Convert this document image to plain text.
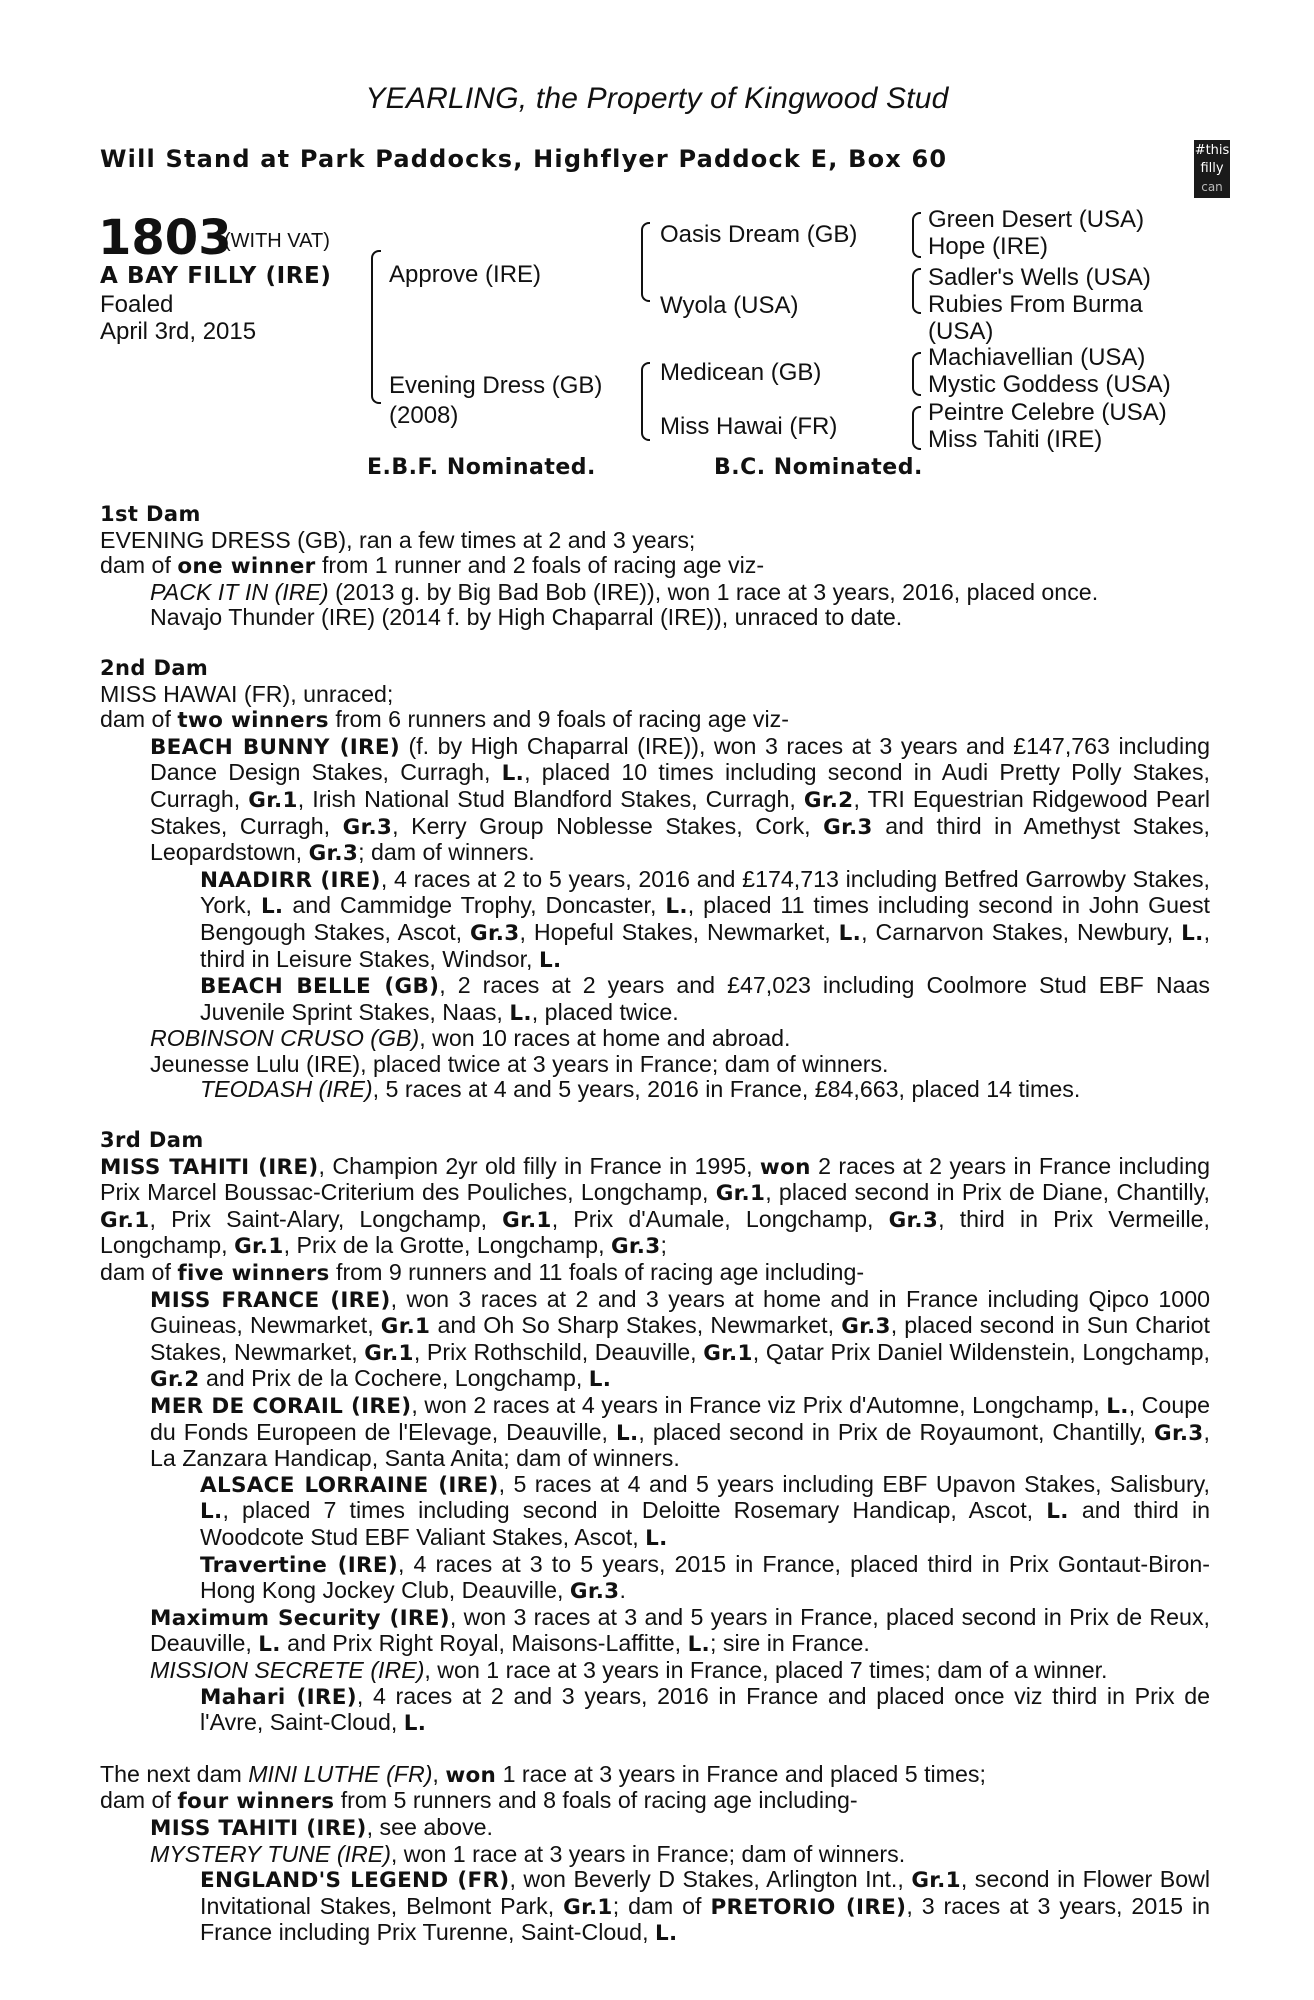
YEARLING, the Property of Kingwood Stud
Will Stand at Park Paddocks, Highflyer Paddock E, Box 60	#this
filly
can
1803
(WITH VAT)
A BAY FILLY (IRE)
Foaled
April 3rd, 2015
Approve (IRE)
Evening Dress (GB)
(2008)
Oasis Dream (GB)
Wyola (USA)
Medicean (GB)
Miss Hawai (FR)
Green Desert (USA)
Hope (IRE)
Sadler's Wells (USA)
Rubies From Burma
(USA)
Machiavellian (USA)
Mystic Goddess (USA)
Peintre Celebre (USA)
Miss Tahiti (IRE)
E.B.F. Nominated.	B.C. Nominated.
1st Dam

EVENING DRESS (GB), ran a few times at 2 and 3 years;

dam of one winner from 1 runner and 2 foals of racing age viz-

PACK IT IN (IRE) (2013 g. by Big Bad Bob (IRE)), won 1 race at 3 years, 2016, placed once.

Navajo Thunder (IRE) (2014 f. by High Chaparral (IRE)), unraced to date.

2nd Dam

MISS HAWAI (FR), unraced;

dam of two winners from 6 runners and 9 foals of racing age viz-

BEACH BUNNY (IRE) (f. by High Chaparral (IRE)), won 3 races at 3 years and £147,763 including Dance Design Stakes, Curragh, L., placed 10 times including second in Audi Pretty Polly Stakes, Curragh, Gr.1, Irish National Stud Blandford Stakes, Curragh, Gr.2, TRI Equestrian Ridgewood Pearl Stakes, Curragh, Gr.3, Kerry Group Noblesse Stakes, Cork, Gr.3 and third in Amethyst Stakes, Leopardstown, Gr.3; dam of winners.

NAADIRR (IRE), 4 races at 2 to 5 years, 2016 and £174,713 including Betfred Garrowby Stakes, York, L. and Cammidge Trophy, Doncaster, L., placed 11 times including second in John Guest Bengough Stakes, Ascot, Gr.3, Hopeful Stakes, Newmarket, L., Carnarvon Stakes, Newbury, L., third in Leisure Stakes, Windsor, L.

BEACH BELLE (GB), 2 races at 2 years and £47,023 including Coolmore Stud EBF Naas Juvenile Sprint Stakes, Naas, L., placed twice.

ROBINSON CRUSO (GB), won 10 races at home and abroad.

Jeunesse Lulu (IRE), placed twice at 3 years in France; dam of winners.

TEODASH (IRE), 5 races at 4 and 5 years, 2016 in France, £84,663, placed 14 times.

3rd Dam

MISS TAHITI (IRE), Champion 2yr old filly in France in 1995, won 2 races at 2 years in France including Prix Marcel Boussac-Criterium des Pouliches, Longchamp, Gr.1, placed second in Prix de Diane, Chantilly, Gr.1, Prix Saint-Alary, Longchamp, Gr.1, Prix d'Aumale, Longchamp, Gr.3, third in Prix Vermeille, Longchamp, Gr.1, Prix de la Grotte, Longchamp, Gr.3;

dam of five winners from 9 runners and 11 foals of racing age including-

MISS FRANCE (IRE), won 3 races at 2 and 3 years at home and in France including Qipco 1000 Guineas, Newmarket, Gr.1 and Oh So Sharp Stakes, Newmarket, Gr.3, placed second in Sun Chariot Stakes, Newmarket, Gr.1, Prix Rothschild, Deauville, Gr.1, Qatar Prix Daniel Wildenstein, Longchamp, Gr.2 and Prix de la Cochere, Longchamp, L.

MER DE CORAIL (IRE), won 2 races at 4 years in France viz Prix d'Automne, Longchamp, L., Coupe du Fonds Europeen de l'Elevage, Deauville, L., placed second in Prix de Royaumont, Chantilly, Gr.3, La Zanzara Handicap, Santa Anita; dam of winners.

ALSACE LORRAINE (IRE), 5 races at 4 and 5 years including EBF Upavon Stakes, Salisbury, L., placed 7 times including second in Deloitte Rosemary Handicap, Ascot, L. and third in Woodcote Stud EBF Valiant Stakes, Ascot, L.

Travertine (IRE), 4 races at 3 to 5 years, 2015 in France, placed third in Prix Gontaut-Biron-Hong Kong Jockey Club, Deauville, Gr.3.

Maximum Security (IRE), won 3 races at 3 and 5 years in France, placed second in Prix de Reux, Deauville, L. and Prix Right Royal, Maisons-Laffitte, L.; sire in France.

MISSION SECRETE (IRE), won 1 race at 3 years in France, placed 7 times; dam of a winner.

Mahari (IRE), 4 races at 2 and 3 years, 2016 in France and placed once viz third in Prix de l'Avre, Saint-Cloud, L.

The next dam MINI LUTHE (FR), won 1 race at 3 years in France and placed 5 times;

dam of four winners from 5 runners and 8 foals of racing age including-

MISS TAHITI (IRE), see above.

MYSTERY TUNE (IRE), won 1 race at 3 years in France; dam of winners.

ENGLAND'S LEGEND (FR), won Beverly D Stakes, Arlington Int., Gr.1, second in Flower Bowl Invitational Stakes, Belmont Park, Gr.1; dam of PRETORIO (IRE), 3 races at 3 years, 2015 in France including Prix Turenne, Saint-Cloud, L.
